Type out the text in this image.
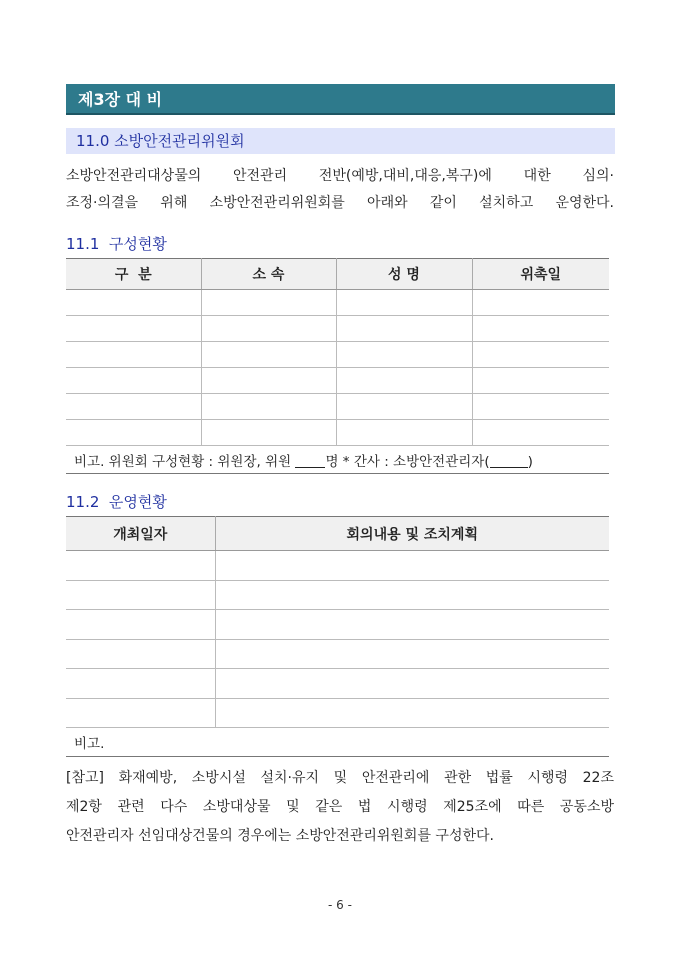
제3장 대 비
11.0 소방안전관리위원회
소방안전관리대상물의 안전관리 전반(예방,대비,대응,복구)에 대한 심의·
조정·의결을 위해 소방안전관리위원회를 아래와 같이 설치하고 운영한다.
11.1  구성현황
구  분	소 속	성 명	위촉일

비고. 위원회 구성현황 : 위원장, 위원 명 * 간사 : 소방안전관리자( )			
11.2  운영현황
개최일자	회의내용 및 조치계획

비고.	
[참고] 화재예방, 소방시설 설치·유지 및 안전관리에 관한 법률 시행령 22조
제2항 관련 다수 소방대상물 및 같은 법 시행령 제25조에 따른 공동소방
안전관리자 선임대상건물의 경우에는 소방안전관리위원회를 구성한다.
- 6 -
